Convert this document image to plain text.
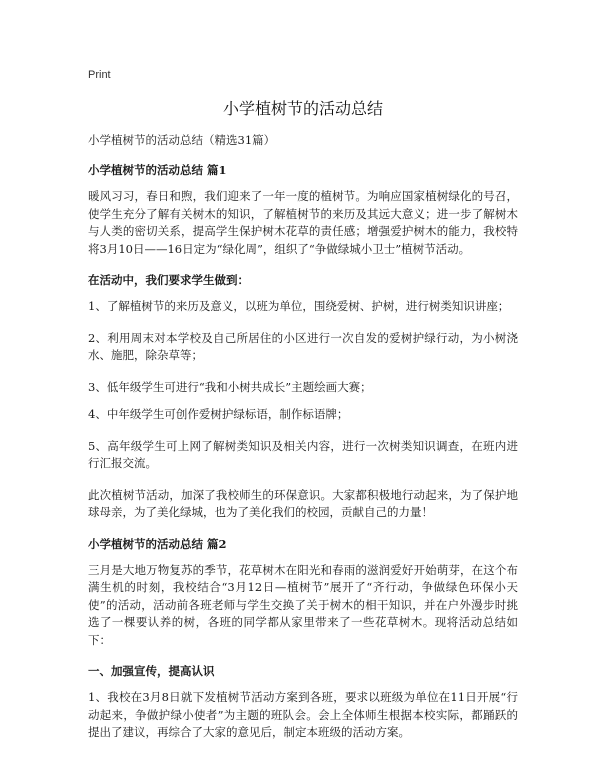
Print
小学植树节的活动总结
小学植树节的活动总结（精选31篇）
小学植树节的活动总结 篇1

暖风习习，春日和煦，我们迎来了一年一度的植树节。为响应国家植树绿化的号召，使学生充分了解有关树木的知识，了解植树节的来历及其远大意义；进一步了解树木与人类的密切关系，提高学生保护树木花草的责任感；增强爱护树木的能力，我校特将3月10日——16日定为“绿化周”，组织了“争做绿城小卫士”植树节活动。

在活动中，我们要求学生做到：

1、了解植树节的来历及意义，以班为单位，围绕爱树、护树，进行树类知识讲座；

2、利用周末对本学校及自己所居住的小区进行一次自发的爱树护绿行动，为小树浇水、施肥，除杂草等；

3、低年级学生可进行“我和小树共成长”主题绘画大赛；

4、中年级学生可创作爱树护绿标语，制作标语牌；

5、高年级学生可上网了解树类知识及相关内容，进行一次树类知识调查，在班内进行汇报交流。

此次植树节活动，加深了我校师生的环保意识。大家都积极地行动起来，为了保护地球母亲，为了美化绿城，也为了美化我们的校园，贡献自己的力量！

小学植树节的活动总结 篇2

三月是大地万物复苏的季节，花草树木在阳光和春雨的滋润爱好开始萌芽，在这个布满生机的时刻，我校结合“3月12日—植树节”展开了“齐行动，争做绿色环保小天使”的活动，活动前各班老师与学生交换了关于树木的相干知识，并在户外漫步时挑选了一棵要认养的树，各班的同学都从家里带来了一些花草树木。现将活动总结如下：

一、加强宣传，提高认识

1、我校在3月8日就下发植树节活动方案到各班，要求以班级为单位在11日开展“行动起来，争做护绿小使者”为主题的班队会。会上全体师生根据本校实际，都踊跃的提出了建议，再综合了大家的意见后，制定本班级的活动方案。
